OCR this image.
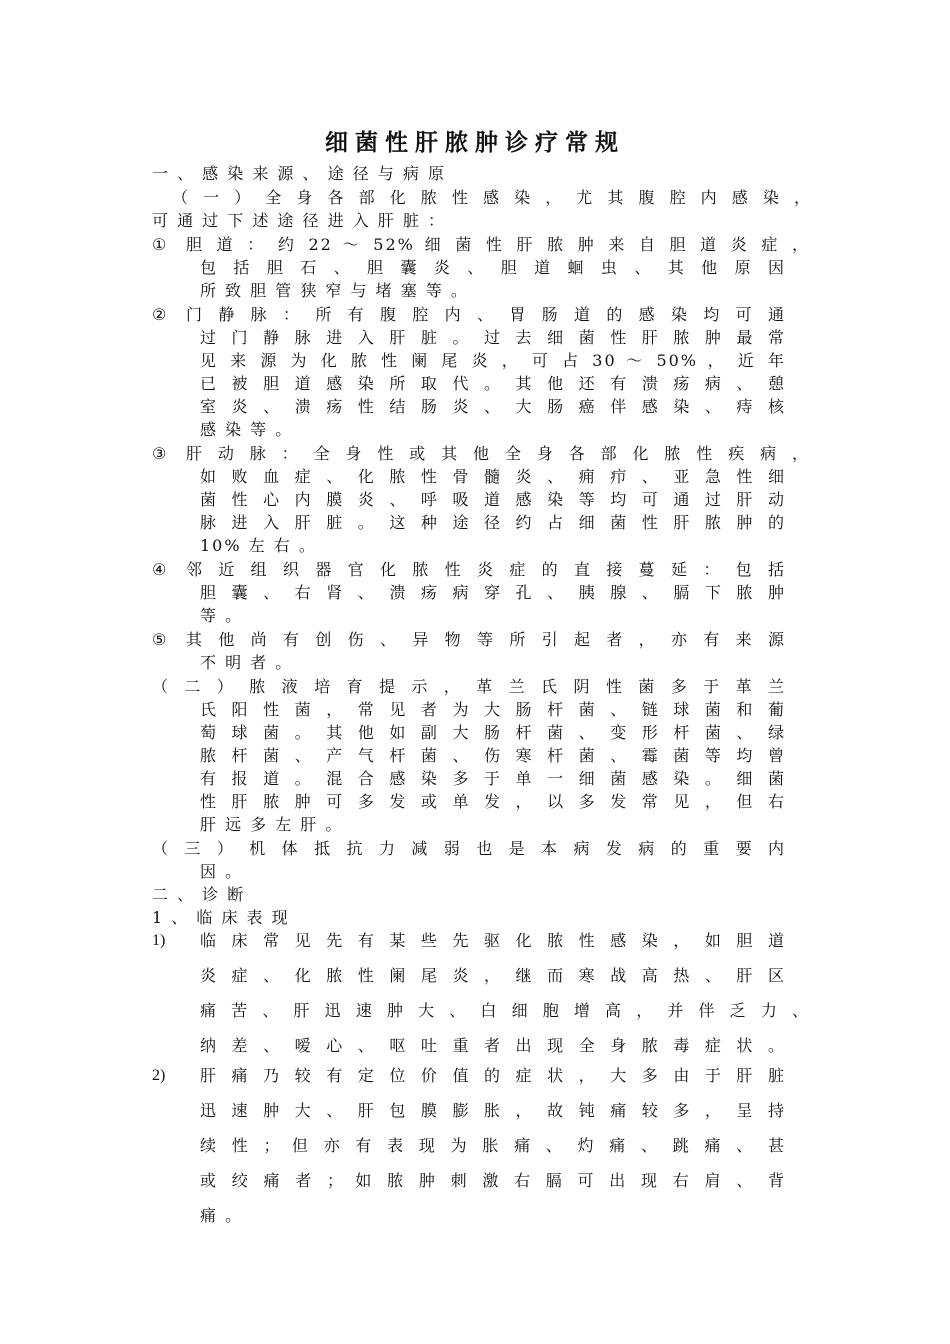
细菌性肝脓肿诊疗常规
一 、 感 染 来 源 、 途 径 与 病 原
（ 一 ） 全 身 各 部 化 脓 性 感 染 ， 尤 其 腹 腔 内 感 染 ，
可 通 过 下 述 途 径 进 入 肝 脏 ：
① 胆 道 ： 约 22 ～ 52% 细 菌 性 肝 脓 肿 来 自 胆 道 炎 症 ，
包 括 胆 石 、 胆 囊 炎 、 胆 道 蛔 虫 、 其 他 原 因
所 致 胆 管 狭 窄 与 堵 塞 等 。
② 门 静 脉 ： 所 有 腹 腔 内 、 胃 肠 道 的 感 染 均 可 通
过 门 静 脉 进 入 肝 脏 。 过 去 细 菌 性 肝 脓 肿 最 常
见 来 源 为 化 脓 性 阑 尾 炎 ， 可 占 30 ～ 50% ， 近 年
已 被 胆 道 感 染 所 取 代 。 其 他 还 有 溃 疡 病 、 憩
室 炎 、 溃 疡 性 结 肠 炎 、 大 肠 癌 伴 感 染 、 痔 核
感 染 等 。
③ 肝 动 脉 ： 全 身 性 或 其 他 全 身 各 部 化 脓 性 疾 病 ，
如 败 血 症 、 化 脓 性 骨 髓 炎 、 痈 疖 、 亚 急 性 细
菌 性 心 内 膜 炎 、 呼 吸 道 感 染 等 均 可 通 过 肝 动
脉 进 入 肝 脏 。 这 种 途 径 约 占 细 菌 性 肝 脓 肿 的
10% 左 右 。
④ 邻 近 组 织 器 官 化 脓 性 炎 症 的 直 接 蔓 延 ： 包 括
胆 囊 、 右 肾 、 溃 疡 病 穿 孔 、 胰 腺 、 膈 下 脓 肿
等 。
⑤ 其 他 尚 有 创 伤 、 异 物 等 所 引 起 者 ， 亦 有 来 源
不 明 者 。
（ 二 ） 脓 液 培 育 提 示 ， 革 兰 氏 阴 性 菌 多 于 革 兰
氏 阳 性 菌 ， 常 见 者 为 大 肠 杆 菌 、 链 球 菌 和 葡
萄 球 菌 。 其 他 如 副 大 肠 杆 菌 、 变 形 杆 菌 、 绿
脓 杆 菌 、 产 气 杆 菌 、 伤 寒 杆 菌 、 霉 菌 等 均 曾
有 报 道 。 混 合 感 染 多 于 单 一 细 菌 感 染 。 细 菌
性 肝 脓 肿 可 多 发 或 单 发 ， 以 多 发 常 见 ， 但 右
肝 远 多 左 肝 。
（ 三 ） 机 体 抵 抗 力 减 弱 也 是 本 病 发 病 的 重 要 内
因 。
二 、 诊 断
1 、 临 床 表 现
1) 临 床 常 见 先 有 某 些 先 驱 化 脓 性 感 染 ， 如 胆 道
炎 症 、 化 脓 性 阑 尾 炎 ， 继 而 寒 战 高 热 、 肝 区
痛 苦 、 肝 迅 速 肿 大 、 白 细 胞 增 高 ， 并 伴 乏 力 、
纳 差 、 嗳 心 、 呕 吐 重 者 出 现 全 身 脓 毒 症 状 。
2) 肝 痛 乃 较 有 定 位 价 值 的 症 状 ， 大 多 由 于 肝 脏
迅 速 肿 大 、 肝 包 膜 膨 胀 ， 故 钝 痛 较 多 ， 呈 持
续 性 ； 但 亦 有 表 现 为 胀 痛 、 灼 痛 、 跳 痛 、 甚
或 绞 痛 者 ； 如 脓 肿 刺 激 右 膈 可 出 现 右 肩 、 背
痛 。
